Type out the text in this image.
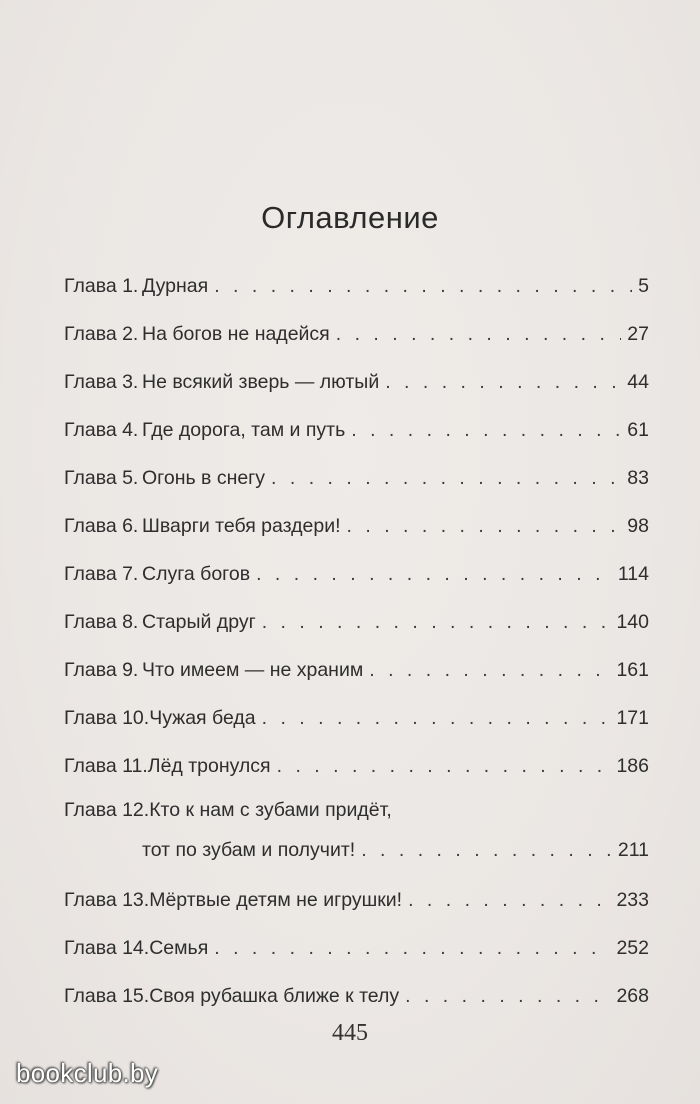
Оглавление
Глава 1. Дурная . . .	5
Глава 2. На богов не надейся . . .	27
Глава 3. Не всякий зверь — лютый . . .	44
Глава 4. Где дорога, там и путь . . .	61
Глава 5. Огонь в снегу . . .	83
Глава 6. Шварги тебя раздери! . . .	98
Глава 7. Слуга богов . . .	114
Глава 8. Старый друг . . .	140
Глава 9. Что имеем — не храним . . .	161
Глава 10. Чужая беда . . .	171
Глава 11. Лёд тронулся . . .	186
Глава 12. Кто к нам с зубами придёт,
тот по зубам и получит! . . .	211
Глава 13. Мёртвые детям не игрушки! . . .	233
Глава 14. Семья . . .	252
Глава 15. Своя рубашка ближе к телу . . .	268
445
bookclub.by
